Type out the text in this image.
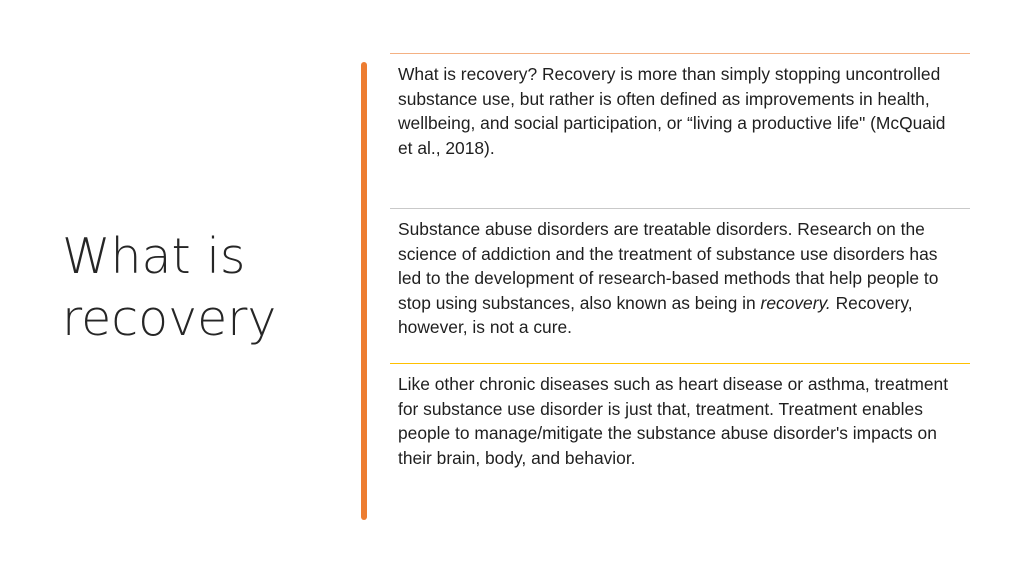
What is
recovery

What is recovery? Recovery is more than simply stopping uncontrolled substance use, but rather is often defined as improvements in health, wellbeing, and social participation, or “living a productive life" (McQuaid et al., 2018).

Substance abuse disorders are treatable disorders. Research on the science of addiction and the treatment of substance use disorders has led to the development of research-based methods that help people to stop using substances, also known as being in recovery. Recovery, however, is not a cure.

Like other chronic diseases such as heart disease or asthma, treatment for substance use disorder is just that, treatment. Treatment enables people to manage/mitigate the substance abuse disorder's impacts on their brain, body, and behavior.
